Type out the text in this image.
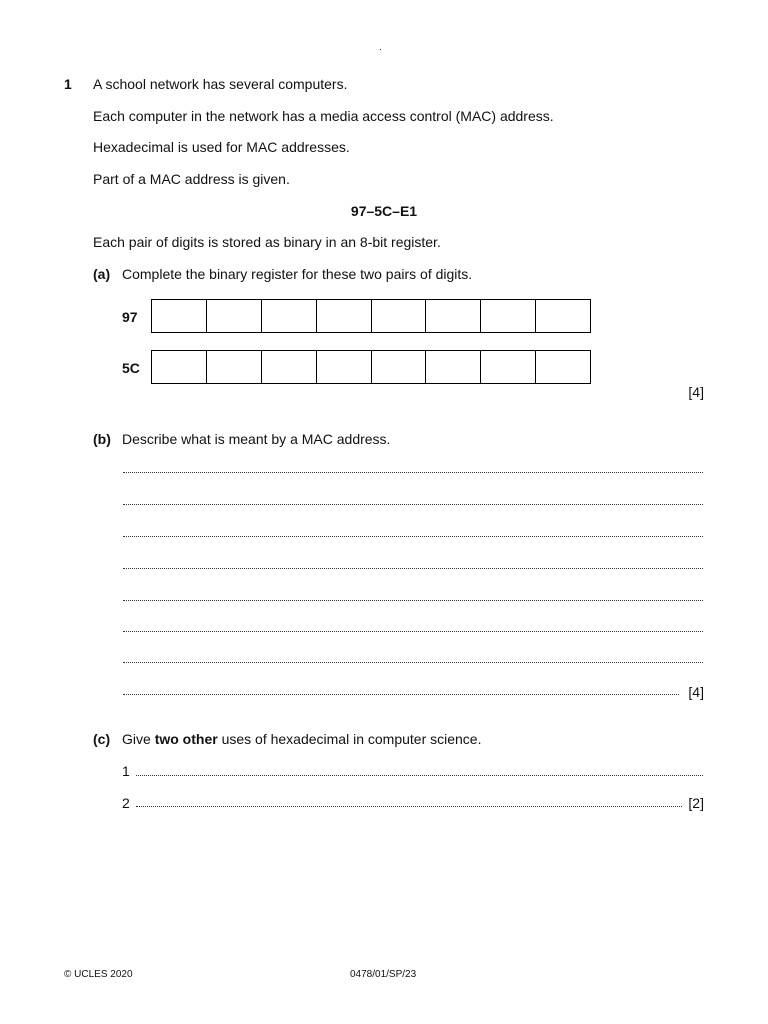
.
1 A school network has several computers.
Each computer in the network has a media access control (MAC) address.
Hexadecimal is used for MAC addresses.
Part of a MAC address is given.
97–5C–E1
Each pair of digits is stored as binary in an 8-bit register.
(a) Complete the binary register for these two pairs of digits.
97
5C
[4]
(b) Describe what is meant by a MAC address.
[4]
(c) Give two other uses of hexadecimal in computer science.
1
2	[2]
© UCLES 2020	0478/01/SP/23
